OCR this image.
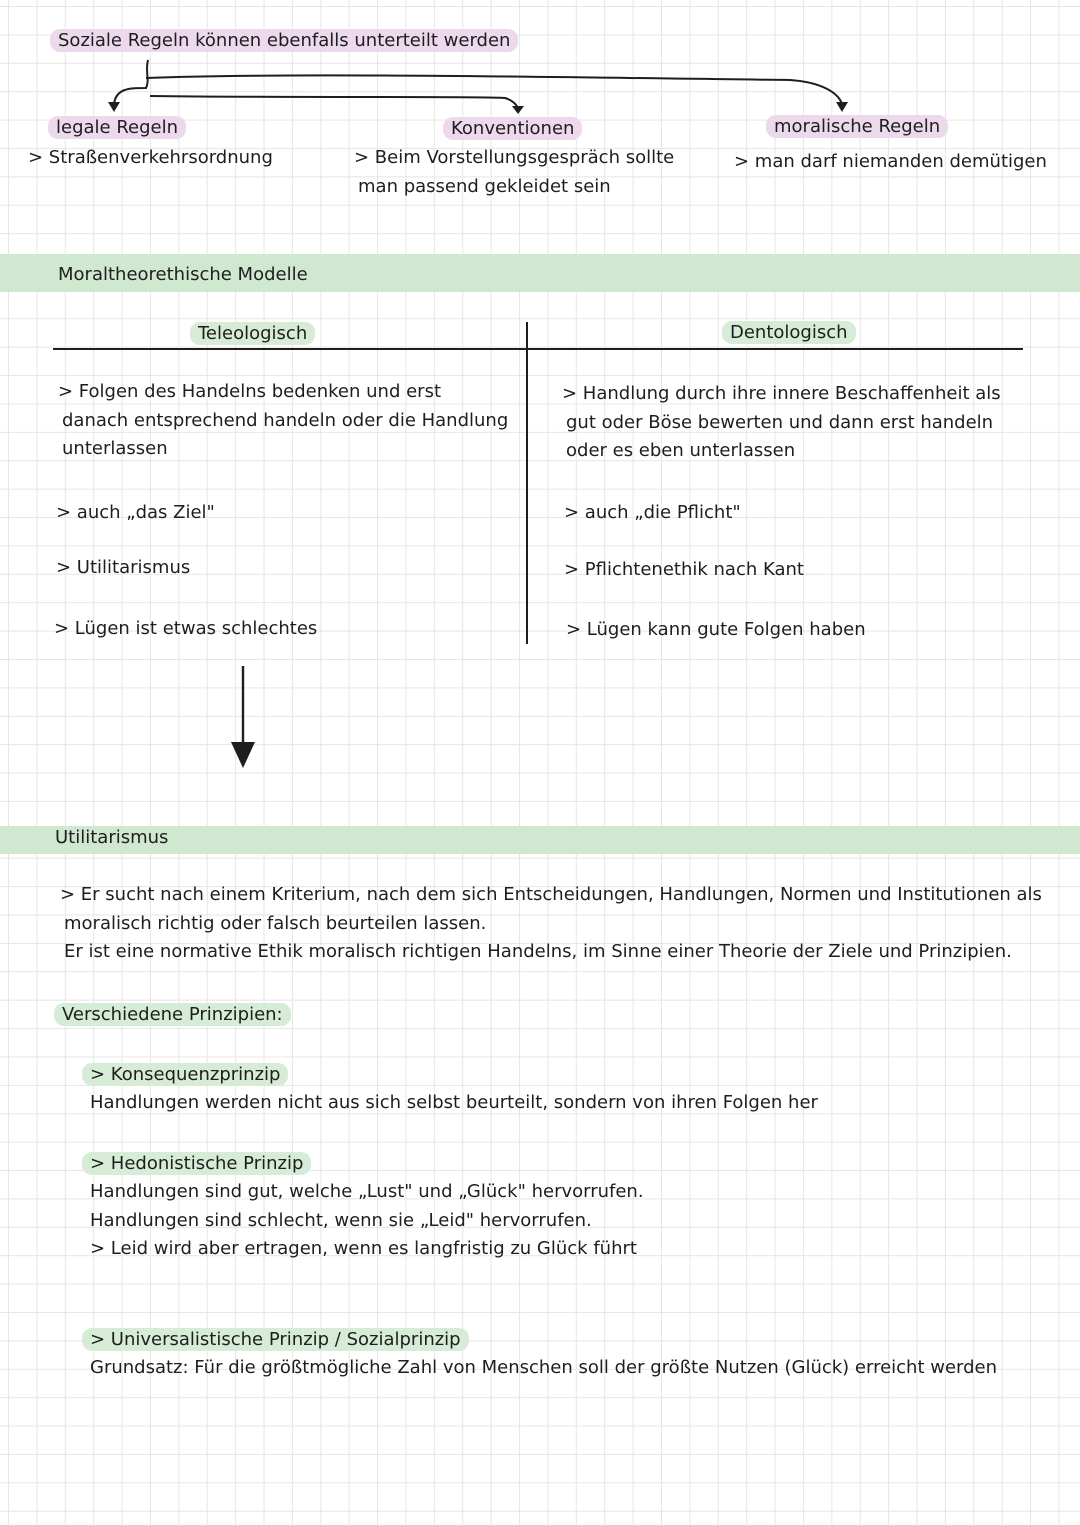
Soziale Regeln können ebenfalls unterteilt werden
legale Regeln
> Straßenverkehrsordnung
Konventionen
> Beim Vorstellungsgespräch sollte
man passend gekleidet sein
moralische Regeln
> man darf niemanden demütigen
Moraltheorethische Modelle
Teleologisch	Dentologisch
> Folgen des Handelns bedenken und erst
danach entsprechend handeln oder die Handlung
unterlassen
> auch „das Ziel"
> Utilitarismus
> Lügen ist etwas schlechtes
> Handlung durch ihre innere Beschaffenheit als
gut oder Böse bewerten und dann erst handeln
oder es eben unterlassen
> auch „die Pflicht"
> Pflichtenethik nach Kant
> Lügen kann gute Folgen haben
Utilitarismus
> Er sucht nach einem Kriterium, nach dem sich Entscheidungen, Handlungen, Normen und Institutionen als
moralisch richtig oder falsch beurteilen lassen.
Er ist eine normative Ethik moralisch richtigen Handelns, im Sinne einer Theorie der Ziele und Prinzipien.
Verschiedene Prinzipien:
> Konsequenzprinzip
Handlungen werden nicht aus sich selbst beurteilt, sondern von ihren Folgen her
> Hedonistische Prinzip
Handlungen sind gut, welche „Lust" und „Glück" hervorrufen.
Handlungen sind schlecht, wenn sie „Leid" hervorrufen.
> Leid wird aber ertragen, wenn es langfristig zu Glück führt
> Universalistische Prinzip / Sozialprinzip
Grundsatz: Für die größtmögliche Zahl von Menschen soll der größte Nutzen (Glück) erreicht werden
